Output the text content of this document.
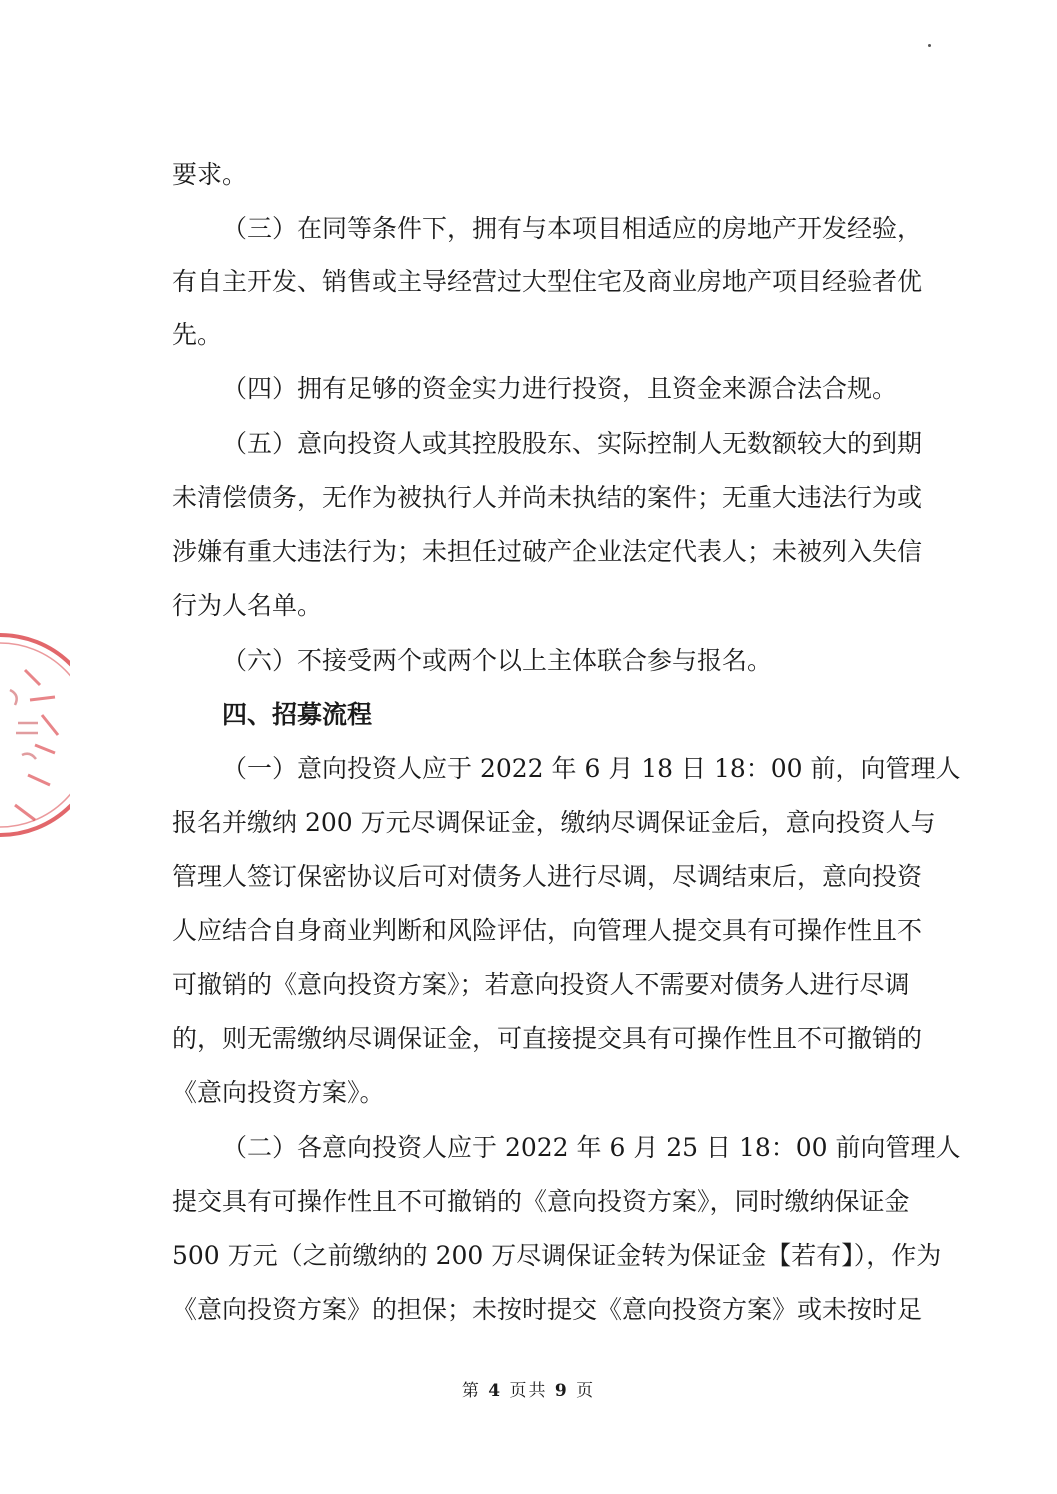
要求。
（三）在同等条件下，拥有与本项目相适应的房地产开发经验，
有自主开发、销售或主导经营过大型住宅及商业房地产项目经验者优
先。
（四）拥有足够的资金实力进行投资，且资金来源合法合规。
（五）意向投资人或其控股股东、实际控制人无数额较大的到期
未清偿债务，无作为被执行人并尚未执结的案件；无重大违法行为或
涉嫌有重大违法行为；未担任过破产企业法定代表人；未被列入失信
行为人名单。
（六）不接受两个或两个以上主体联合参与报名。
四、招募流程
（一）意向投资人应于 2022 年 6 月 18 日 18：00 前，向管理人
报名并缴纳 200 万元尽调保证金，缴纳尽调保证金后，意向投资人与
管理人签订保密协议后可对债务人进行尽调，尽调结束后，意向投资
人应结合自身商业判断和风险评估，向管理人提交具有可操作性且不
可撤销的《意向投资方案》；若意向投资人不需要对债务人进行尽调
的，则无需缴纳尽调保证金，可直接提交具有可操作性且不可撤销的
《意向投资方案》。
（二）各意向投资人应于 2022 年 6 月 25 日 18：00 前向管理人
提交具有可操作性且不可撤销的《意向投资方案》，同时缴纳保证金
500 万元（之前缴纳的 200 万尽调保证金转为保证金【若有】），作为
《意向投资方案》的担保；未按时提交《意向投资方案》或未按时足
第 4 页共 9 页
